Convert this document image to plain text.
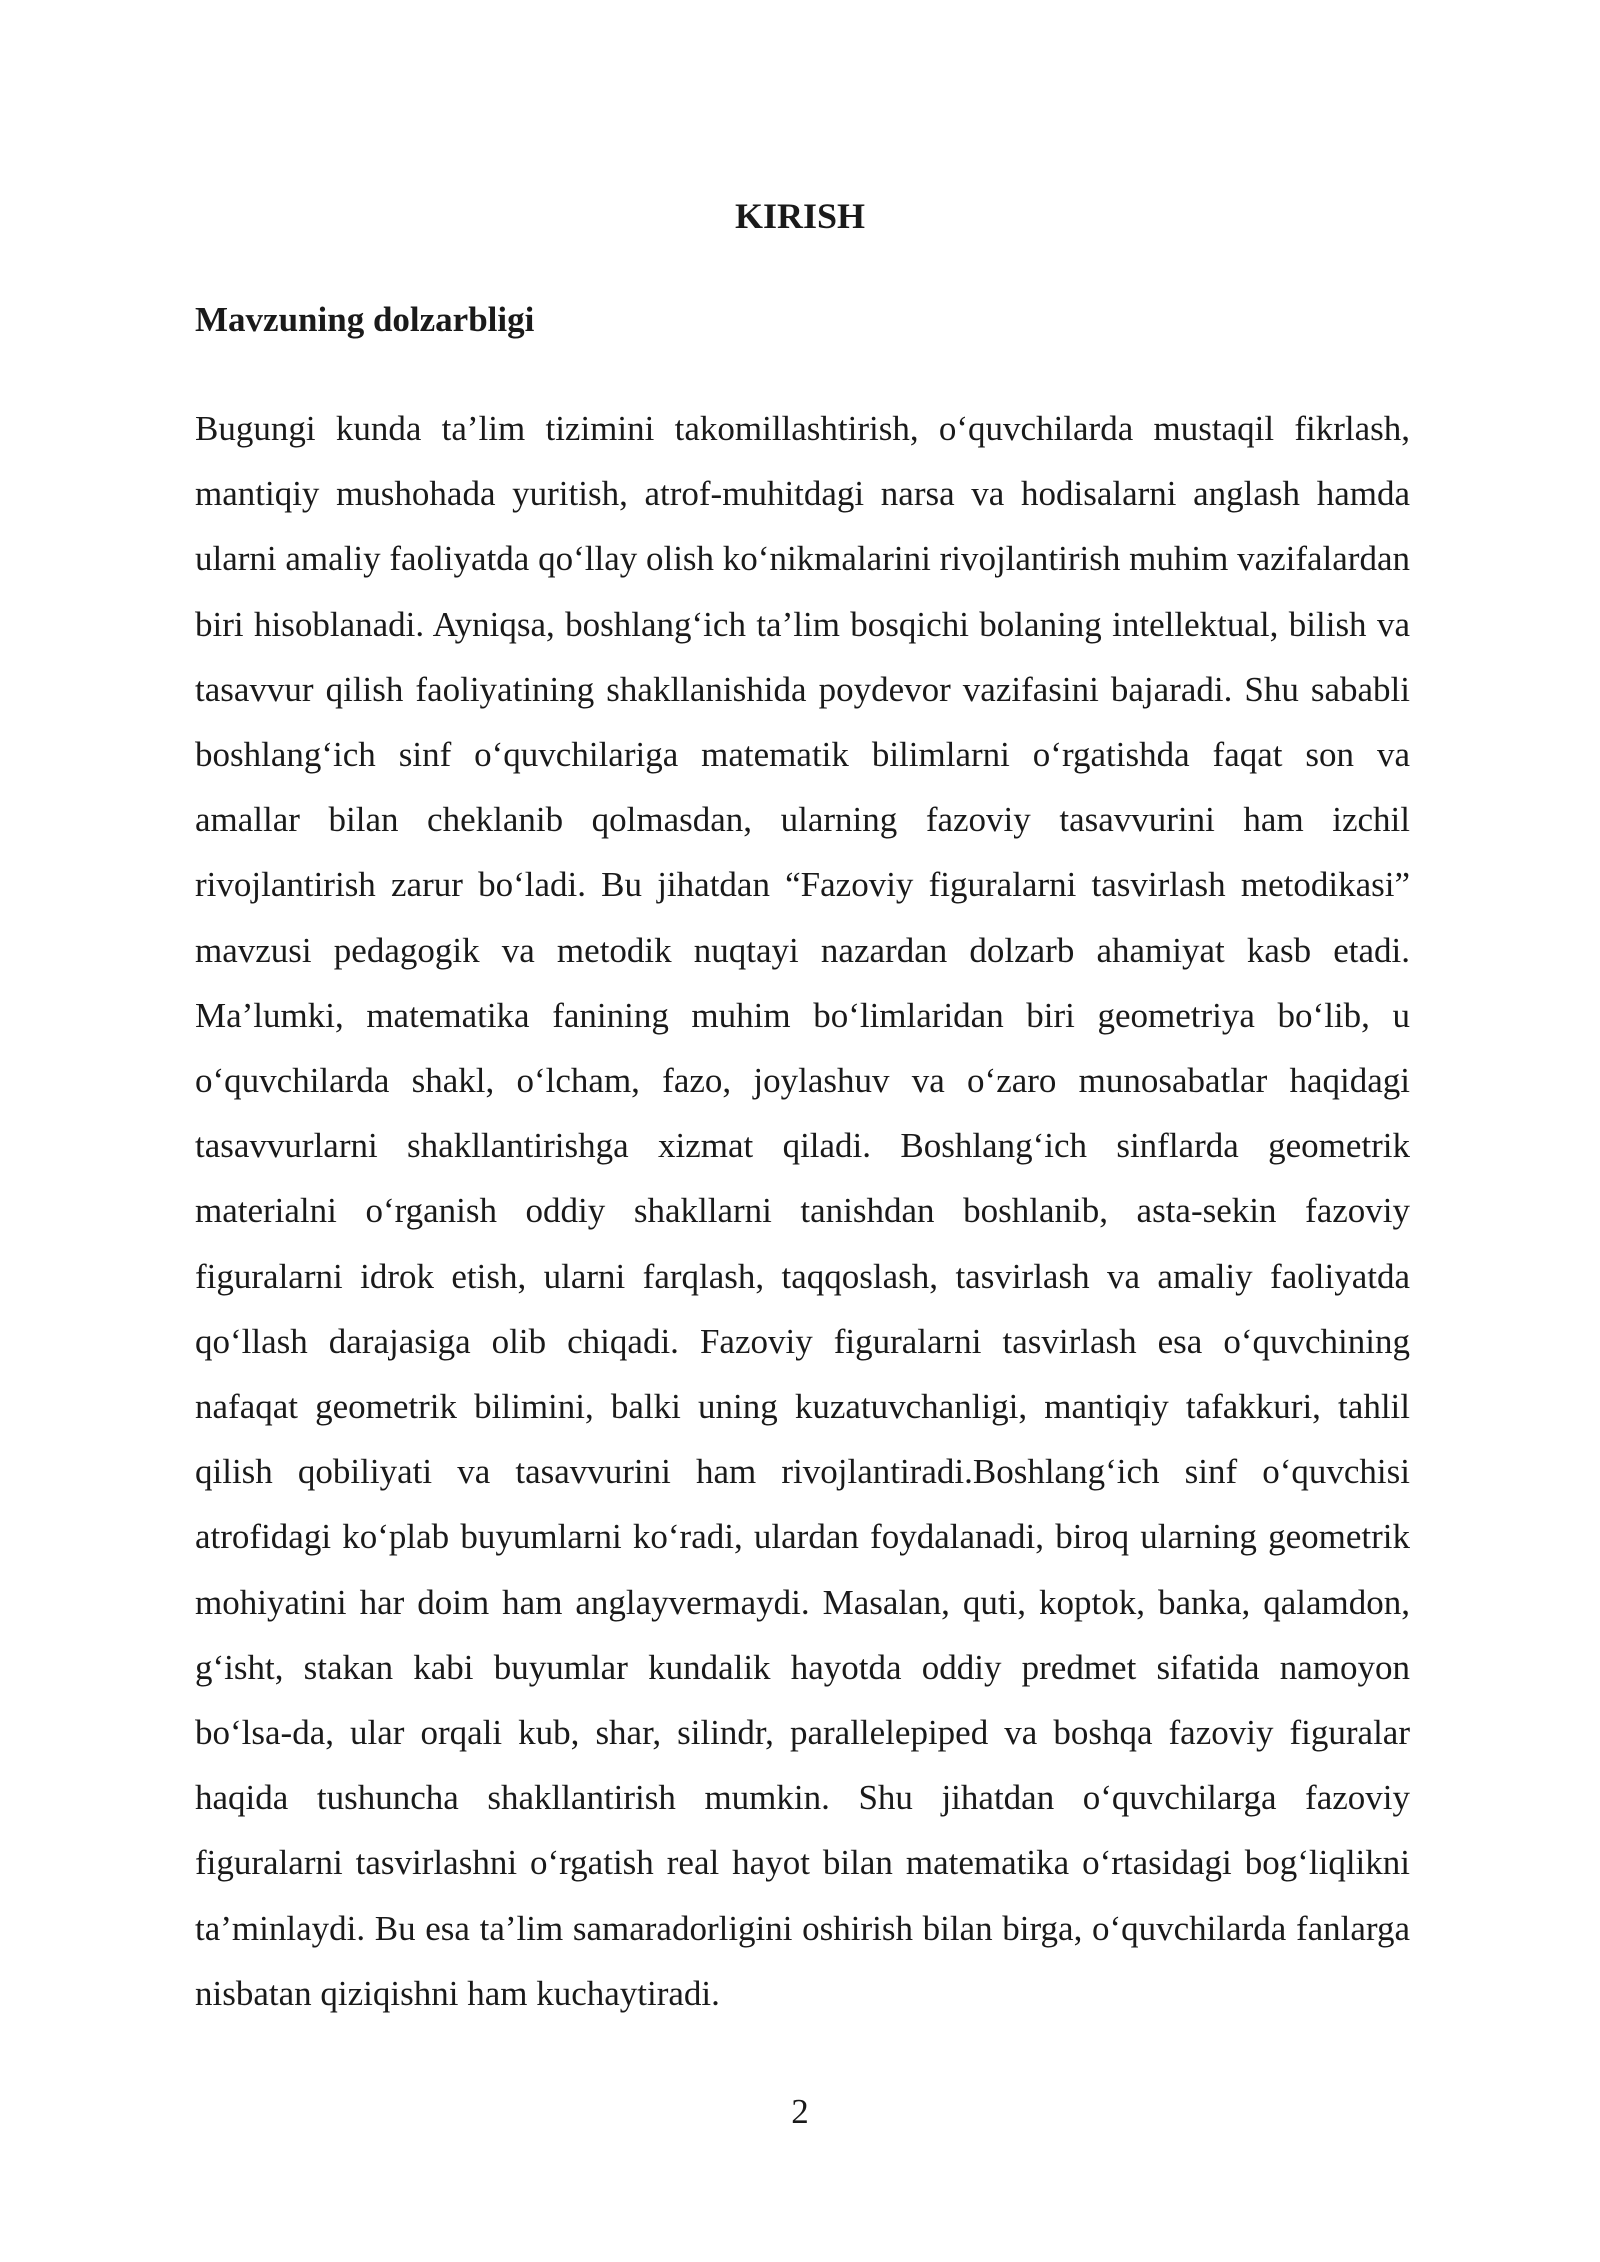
KIRISH
Mavzuning dolzarbligi

Bugungi kunda ta’lim tizimini takomillashtirish, o‘quvchilarda mustaqil fikrlash, mantiqiy mushohada yuritish, atrof-muhitdagi narsa va hodisalarni anglash hamda ularni amaliy faoliyatda qo‘llay olish ko‘nikmalarini rivojlantirish muhim vazifalardan biri hisoblanadi. Ayniqsa, boshlang‘ich ta’lim bosqichi bolaning intellektual, bilish va tasavvur qilish faoliyatining shakllanishida poydevor vazifasini bajaradi. Shu sababli boshlang‘ich sinf o‘quvchilariga matematik bilimlarni o‘rgatishda faqat son va amallar bilan cheklanib qolmasdan, ularning fazoviy tasavvurini ham izchil rivojlantirish zarur bo‘ladi. Bu jihatdan “Fazoviy figuralarni tasvirlash metodikasi” mavzusi pedagogik va metodik nuqtayi nazardan dolzarb ahamiyat kasb etadi. Ma’lumki, matematika fanining muhim bo‘limlaridan biri geometriya bo‘lib, u o‘quvchilarda shakl, o‘lcham, fazo, joylashuv va o‘zaro munosabatlar haqidagi tasavvurlarni shakllantirishga xizmat qiladi. Boshlang‘ich sinflarda geometrik materialni o‘rganish oddiy shakllarni tanishdan boshlanib, asta-sekin fazoviy figuralarni idrok etish, ularni farqlash, taqqoslash, tasvirlash va amaliy faoliyatda qo‘llash darajasiga olib chiqadi. Fazoviy figuralarni tasvirlash esa o‘quvchining nafaqat geometrik bilimini, balki uning kuzatuvchanligi, mantiqiy tafakkuri, tahlil qilish qobiliyati va tasavvurini ham rivojlantiradi.Boshlang‘ich sinf o‘quvchisi atrofidagi ko‘plab buyumlarni ko‘radi, ulardan foydalanadi, biroq ularning geometrik mohiyatini har doim ham anglayvermaydi. Masalan, quti, koptok, banka, qalamdon, g‘isht, stakan kabi buyumlar kundalik hayotda oddiy predmet sifatida namoyon bo‘lsa-da, ular orqali kub, shar, silindr, parallelepiped va boshqa fazoviy figuralar haqida tushuncha shakllantirish mumkin. Shu jihatdan o‘quvchilarga fazoviy figuralarni tasvirlashni o‘rgatish real hayot bilan matematika o‘rtasidagi bog‘liqlikni ta’minlaydi. Bu esa ta’lim samaradorligini oshirish bilan birga, o‘quvchilarda fanlarga nisbatan qiziqishni ham kuchaytiradi.

2
